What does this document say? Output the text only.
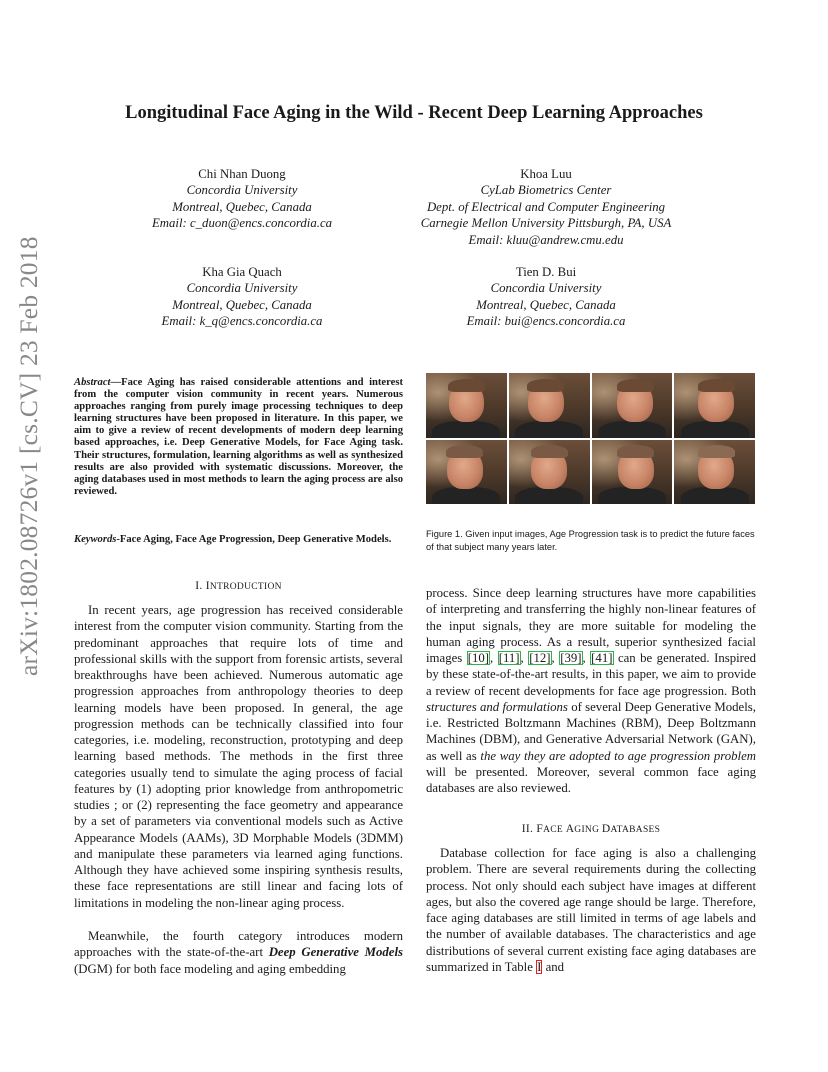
arXiv:1802.08726v1 [cs.CV] 23 Feb 2018
Longitudinal Face Aging in the Wild - Recent Deep Learning Approaches
Chi Nhan Duong
Concordia University
Montreal, Quebec, Canada
Email: c_duon@encs.concordia.ca
Khoa Luu
CyLab Biometrics Center
Dept. of Electrical and Computer Engineering
Carnegie Mellon University Pittsburgh, PA, USA
Email: kluu@andrew.cmu.edu
Kha Gia Quach
Concordia University
Montreal, Quebec, Canada
Email: k_q@encs.concordia.ca
Tien D. Bui
Concordia University
Montreal, Quebec, Canada
Email: bui@encs.concordia.ca

Abstract—Face Aging has raised considerable attentions and interest from the computer vision community in recent years. Numerous approaches ranging from purely image processing techniques to deep learning structures have been proposed in literature. In this paper, we aim to give a review of recent developments of modern deep learning based approaches, i.e. Deep Generative Models, for Face Aging task. Their structures, formulation, learning algorithms as well as synthesized results are also provided with systematic discussions. Moreover, the aging databases used in most methods to learn the aging process are also reviewed.

Keywords-Face Aging, Face Age Progression, Deep Generative Models.	Figure 1. Given input images, Age Progression task is to predict the future faces of that subject many years later.

I. INTRODUCTION

In recent years, age progression has received considerable interest from the computer vision community. Starting from the predominant approaches that require lots of time and professional skills with the support from forensic artists, several breakthroughs have been achieved. Numerous automatic age progression approaches from anthropology theories to deep learning models have been proposed. In general, the age progression methods can be technically classified into four categories, i.e. modeling, reconstruction, prototyping and deep learning based methods. The methods in the first three categories usually tend to simulate the aging process of facial features by (1) adopting prior knowledge from anthropometric studies ; or (2) representing the face geometry and appearance by a set of parameters via conventional models such as Active Appearance Models (AAMs), 3D Morphable Models (3DMM) and manipulate these parameters via learned aging functions. Although they have achieved some inspiring synthesis results, these face representations are still linear and facing lots of limitations in modeling the non-linear aging process.

Meanwhile, the fourth category introduces modern approaches with the state-of-the-art Deep Generative Models (DGM) for both face modeling and aging embedding

process. Since deep learning structures have more capabilities of interpreting and transferring the highly non-linear features of the input signals, they are more suitable for modeling the human aging process. As a result, superior synthesized facial images [10], [11], [12], [39], [41] can be generated. Inspired by these state-of-the-art results, in this paper, we aim to provide a review of recent developments for face age progression. Both structures and formulations of several Deep Generative Models, i.e. Restricted Boltzmann Machines (RBM), Deep Boltzmann Machines (DBM), and Generative Adversarial Network (GAN), as well as the way they are adopted to age progression problem will be presented. Moreover, several common face aging databases are also reviewed.

II. FACE AGING DATABASES

Database collection for face aging is also a challenging problem. There are several requirements during the collecting process. Not only should each subject have images at different ages, but also the covered age range should be large. Therefore, face aging databases are still limited in terms of age labels and the number of available databases. The characteristics and age distributions of several current existing face aging databases are summarized in Table I and
